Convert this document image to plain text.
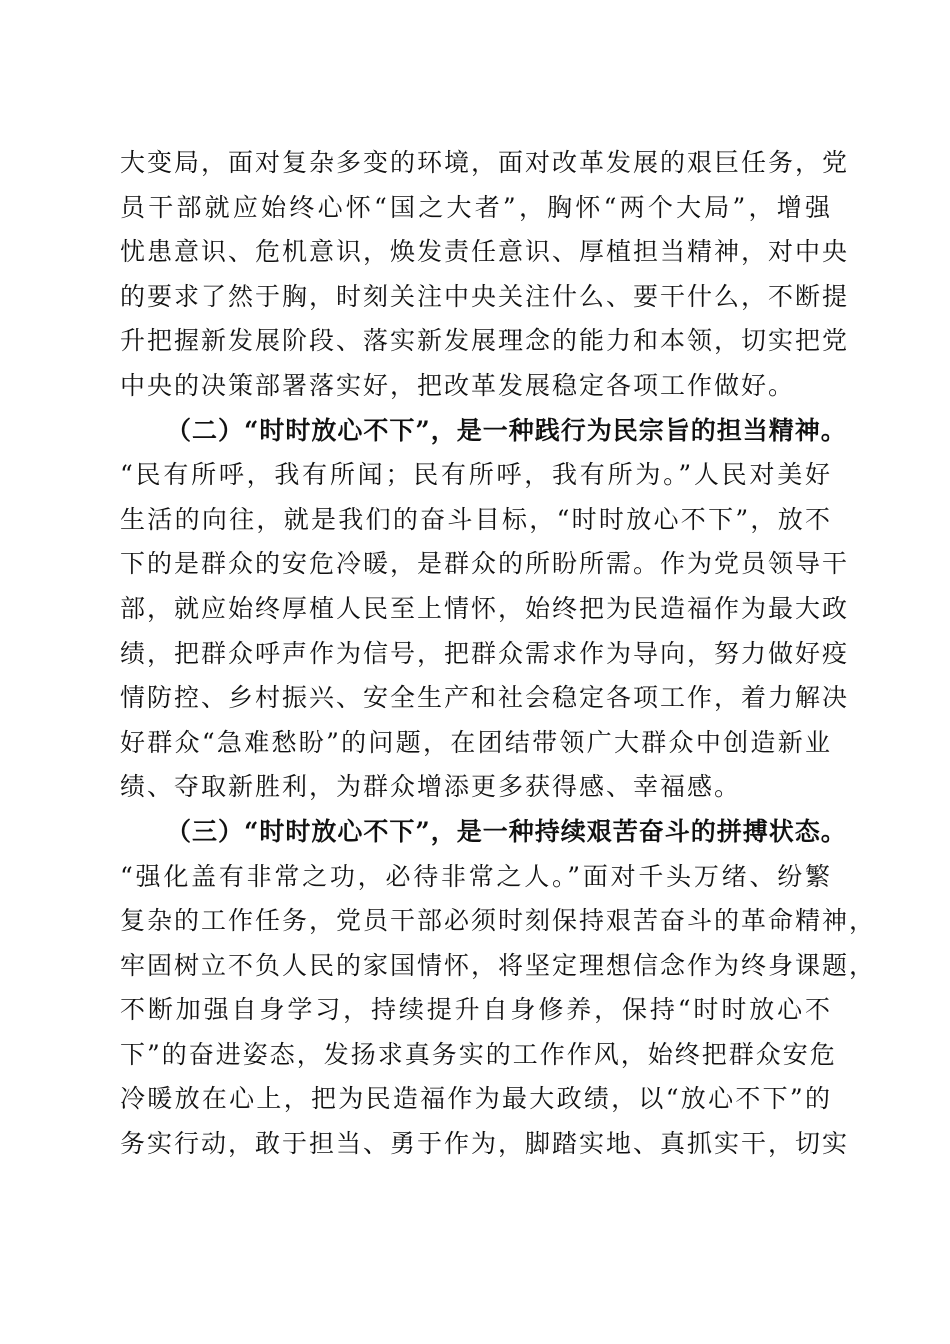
大变局，面对复杂多变的环境，面对改革发展的艰巨任务，党
员干部就应始终心怀“国之大者”，胸怀“两个大局”，增强
忧患意识、危机意识，焕发责任意识、厚植担当精神，对中央
的要求了然于胸，时刻关注中央关注什么、要干什么，不断提
升把握新发展阶段、落实新发展理念的能力和本领，切实把党
中央的决策部署落实好，把改革发展稳定各项工作做好。
（二）“时时放心不下”，是一种践行为民宗旨的担当精神。
“民有所呼，我有所闻；民有所呼，我有所为。”人民对美好
生活的向往，就是我们的奋斗目标，“时时放心不下”，放不
下的是群众的安危冷暖，是群众的所盼所需。作为党员领导干
部，就应始终厚植人民至上情怀，始终把为民造福作为最大政
绩，把群众呼声作为信号，把群众需求作为导向，努力做好疫
情防控、乡村振兴、安全生产和社会稳定各项工作，着力解决
好群众“急难愁盼”的问题，在团结带领广大群众中创造新业
绩、夺取新胜利，为群众增添更多获得感、幸福感。
（三）“时时放心不下”，是一种持续艰苦奋斗的拼搏状态。
“强化盖有非常之功，必待非常之人。”面对千头万绪、纷繁
复杂的工作任务，党员干部必须时刻保持艰苦奋斗的革命精神，
牢固树立不负人民的家国情怀，将坚定理想信念作为终身课题，
不断加强自身学习，持续提升自身修养，保持“时时放心不
下”的奋进姿态，发扬求真务实的工作作风，始终把群众安危
冷暖放在心上，把为民造福作为最大政绩，以“放心不下”的
务实行动，敢于担当、勇于作为，脚踏实地、真抓实干，切实
